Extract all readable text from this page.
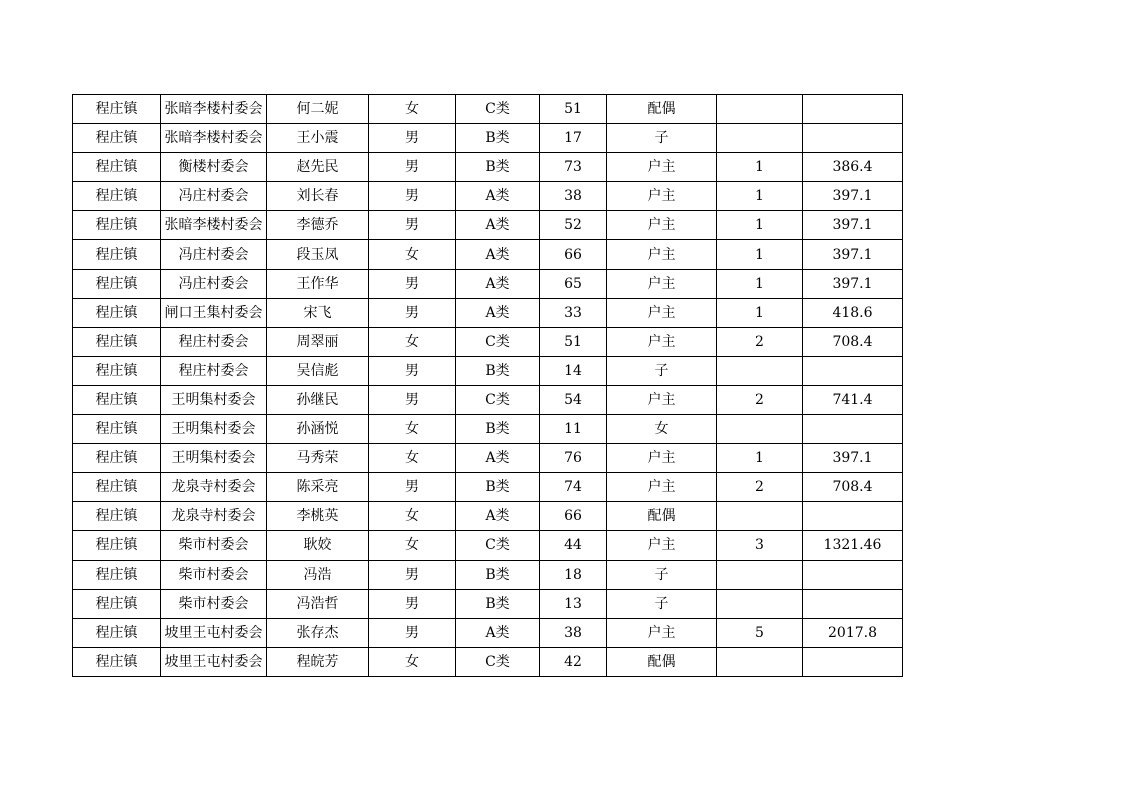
程庄镇	张暗李楼村委会	何二妮	女	C类	51	配偶		
程庄镇	张暗李楼村委会	王小震	男	B类	17	子		
程庄镇	衡楼村委会	赵先民	男	B类	73	户主	1	386.4
程庄镇	冯庄村委会	刘长春	男	A类	38	户主	1	397.1
程庄镇	张暗李楼村委会	李德乔	男	A类	52	户主	1	397.1
程庄镇	冯庄村委会	段玉凤	女	A类	66	户主	1	397.1
程庄镇	冯庄村委会	王作华	男	A类	65	户主	1	397.1
程庄镇	闸口王集村委会	宋飞	男	A类	33	户主	1	418.6
程庄镇	程庄村委会	周翠丽	女	C类	51	户主	2	708.4
程庄镇	程庄村委会	吴信彪	男	B类	14	子		
程庄镇	王明集村委会	孙继民	男	C类	54	户主	2	741.4
程庄镇	王明集村委会	孙涵悦	女	B类	11	女		
程庄镇	王明集村委会	马秀荣	女	A类	76	户主	1	397.1
程庄镇	龙泉寺村委会	陈采亮	男	B类	74	户主	2	708.4
程庄镇	龙泉寺村委会	李桃英	女	A类	66	配偶		
程庄镇	柴市村委会	耿姣	女	C类	44	户主	3	1321.46
程庄镇	柴市村委会	冯浩	男	B类	18	子		
程庄镇	柴市村委会	冯浩哲	男	B类	13	子		
程庄镇	坡里王屯村委会	张存杰	男	A类	38	户主	5	2017.8
程庄镇	坡里王屯村委会	程皖芳	女	C类	42	配偶		
